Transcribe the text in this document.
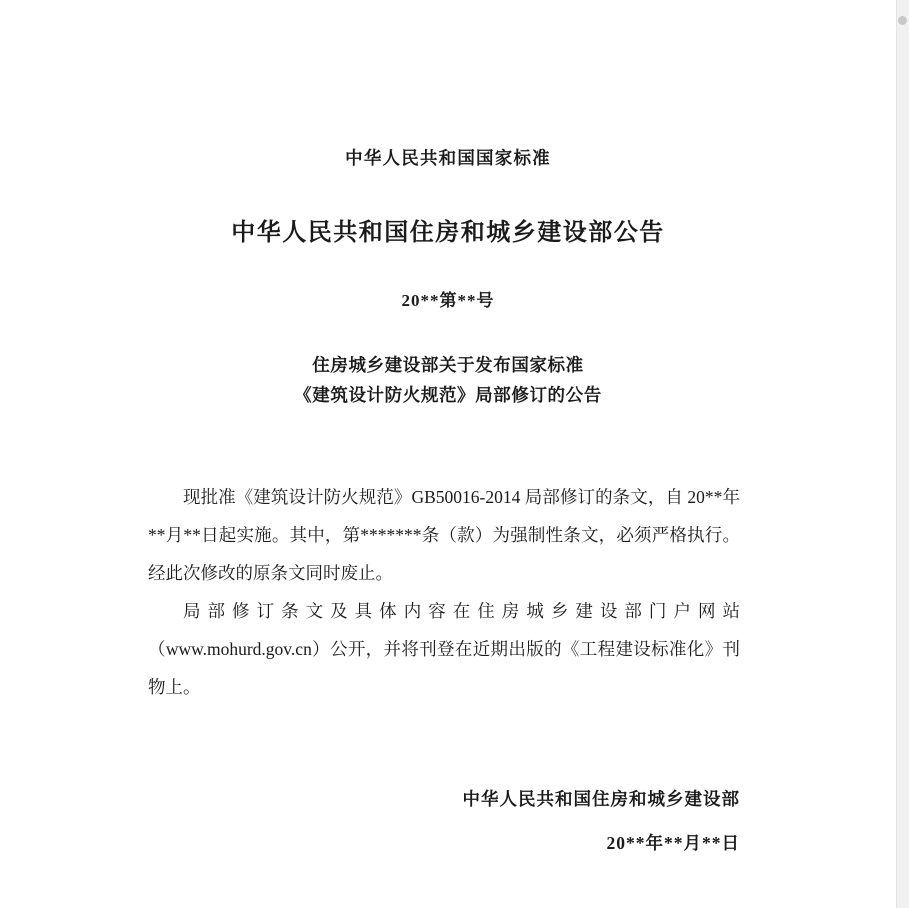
中华人民共和国国家标准
中华人民共和国住房和城乡建设部公告
20**第**号
住房城乡建设部关于发布国家标准
《建筑设计防火规范》局部修订的公告

现批准《建筑设计防火规范》GB50016-2014 局部修订的条文，自 20**年**月**日起实施。其中，第*******条（款）为强制性条文，必须严格执行。经此次修改的原条文同时废止。

局部修订条文及具体内容在住房城乡建设部门户网站（www.mohurd.gov.cn）公开，并将刊登在近期出版的《工程建设标准化》刊物上。

中华人民共和国住房和城乡建设部
20**年**月**日
